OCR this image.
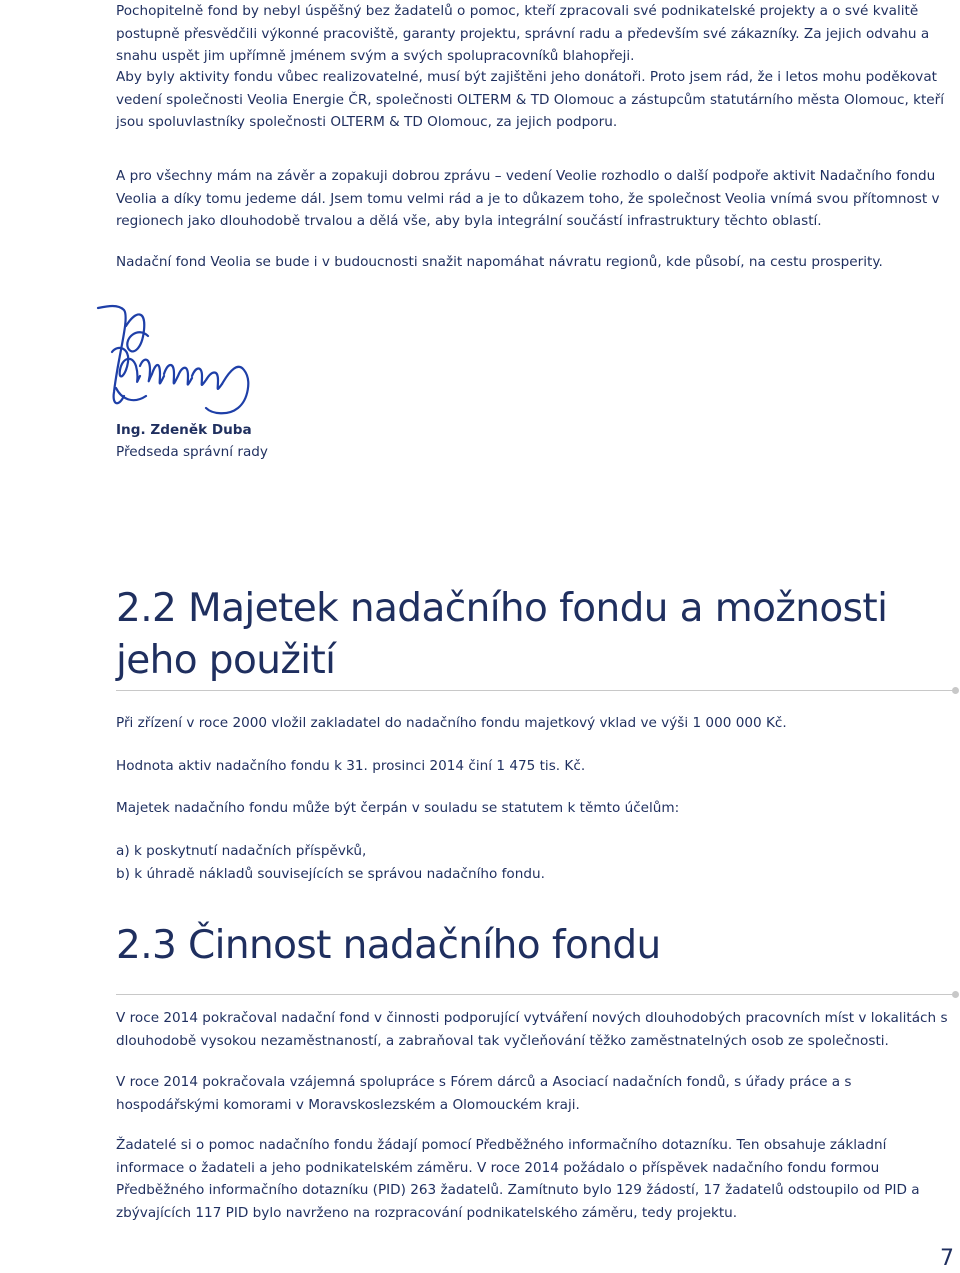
Pochopitelně fond by nebyl úspěšný bez žadatelů o pomoc, kteří zpracovali své podnikatelské projekty a o své kvalitě postupně přesvědčili výkonné pracoviště, garanty projektu, správní radu a především své zákazníky. Za jejich odvahu a snahu uspět jim upřímně jménem svým a svých spolupracovníků blahopřeji.

Aby byly aktivity fondu vůbec realizovatelné, musí být zajištěni jeho donátoři. Proto jsem rád, že i letos mohu poděkovat vedení společnosti Veolia Energie ČR, společnosti OLTERM & TD Olomouc a zástupcům statutárního města Olomouc, kteří jsou spoluvlastníky společnosti OLTERM & TD Olomouc, za jejich podporu.

A pro všechny mám na závěr a zopakuji dobrou zprávu – vedení Veolie rozhodlo o další podpoře aktivit Nadačního fondu Veolia a díky tomu jedeme dál. Jsem tomu velmi rád a je to důkazem toho, že společnost Veolia vnímá svou přítomnost v regionech jako dlouhodobě trvalou a dělá vše, aby byla integrální součástí infrastruktury těchto oblastí.

Nadační fond Veolia se bude i v budoucnosti snažit napomáhat návratu regionů, kde působí, na cestu prosperity.

Ing. Zdeněk Duba
Předseda správní rady
2.2 Majetek nadačního fondu a možnosti jeho použití

Při zřízení v roce 2000 vložil zakladatel do nadačního fondu majetkový vklad ve výši 1 000 000 Kč.

Hodnota aktiv nadačního fondu k 31. prosinci 2014 činí 1 475 tis. Kč.

Majetek nadačního fondu může být čerpán v souladu se statutem k těmto účelům:

a) k poskytnutí nadačních příspěvků,
b) k úhradě nákladů souvisejících se správou nadačního fondu.
2.3 Činnost nadačního fondu

V roce 2014 pokračoval nadační fond v činnosti podporující vytváření nových dlouhodobých pracovních míst v lokalitách s dlouhodobě vysokou nezaměstnaností, a zabraňoval tak vyčleňování těžko zaměstnatelných osob ze společnosti.

V roce 2014 pokračovala vzájemná spolupráce s Fórem dárců a Asociací nadačních fondů, s úřady práce a s hospodářskými komorami v Moravskoslezském a Olomouckém kraji.

Žadatelé si o pomoc nadačního fondu žádají pomocí Předběžného informačního dotazníku. Ten obsahuje základní informace o žadateli a jeho podnikatelském záměru. V roce 2014 požádalo o příspěvek nadačního fondu formou Předběžného informačního dotazníku (PID) 263 žadatelů. Zamítnuto bylo 129 žádostí, 17 žadatelů odstoupilo od PID a zbývajících 117 PID bylo navrženo na rozpracování podnikatelského záměru, tedy projektu.

7
